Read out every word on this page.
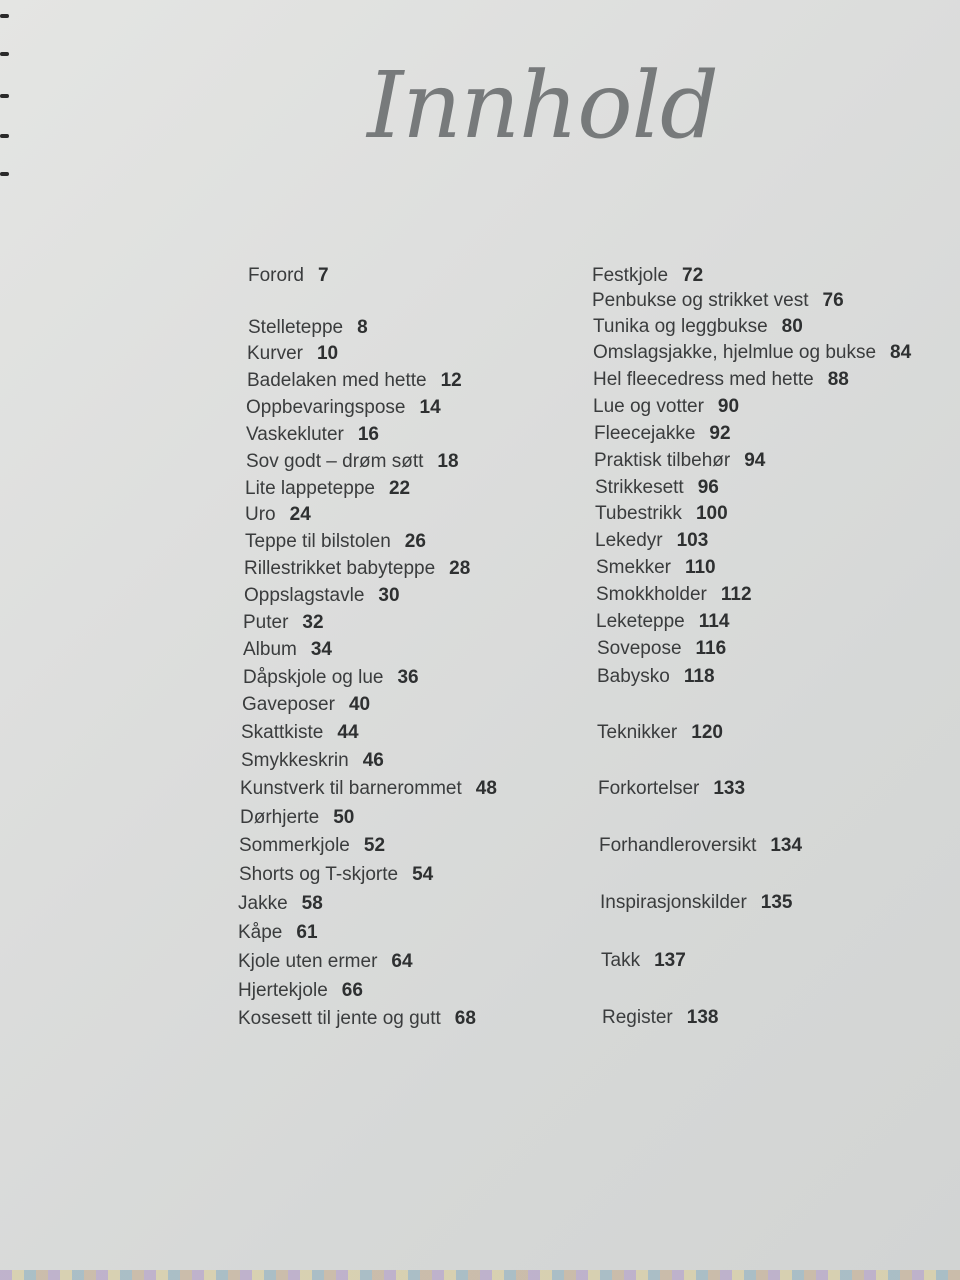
Innhold
Forord 7
Stelleteppe 8
Kurver 10
Badelaken med hette 12
Oppbevaringspose 14
Vaskekluter 16
Sov godt – drøm søtt 18
Lite lappeteppe 22
Uro 24
Teppe til bilstolen 26
Rillestrikket babyteppe 28
Oppslagstavle 30
Puter 32
Album 34
Dåpskjole og lue 36
Gaveposer 40
Skattkiste 44
Smykkeskrin 46
Kunstverk til barnerommet 48
Dørhjerte 50
Sommerkjole 52
Shorts og T-skjorte 54
Jakke 58
Kåpe 61
Kjole uten ermer 64
Hjertekjole 66
Kosesett til jente og gutt 68
Festkjole 72
Penbukse og strikket vest 76
Tunika og leggbukse 80
Omslagsjakke, hjelmlue og bukse 84
Hel fleecedress med hette 88
Lue og votter 90
Fleecejakke 92
Praktisk tilbehør 94
Strikkesett 96
Tubestrikk 100
Lekedyr 103
Smekker 110
Smokkholder 112
Leketeppe 114
Sovepose 116
Babysko 118
Teknikker 120
Forkortelser 133
Forhandleroversikt 134
Inspirasjonskilder 135
Takk 137
Register 138
